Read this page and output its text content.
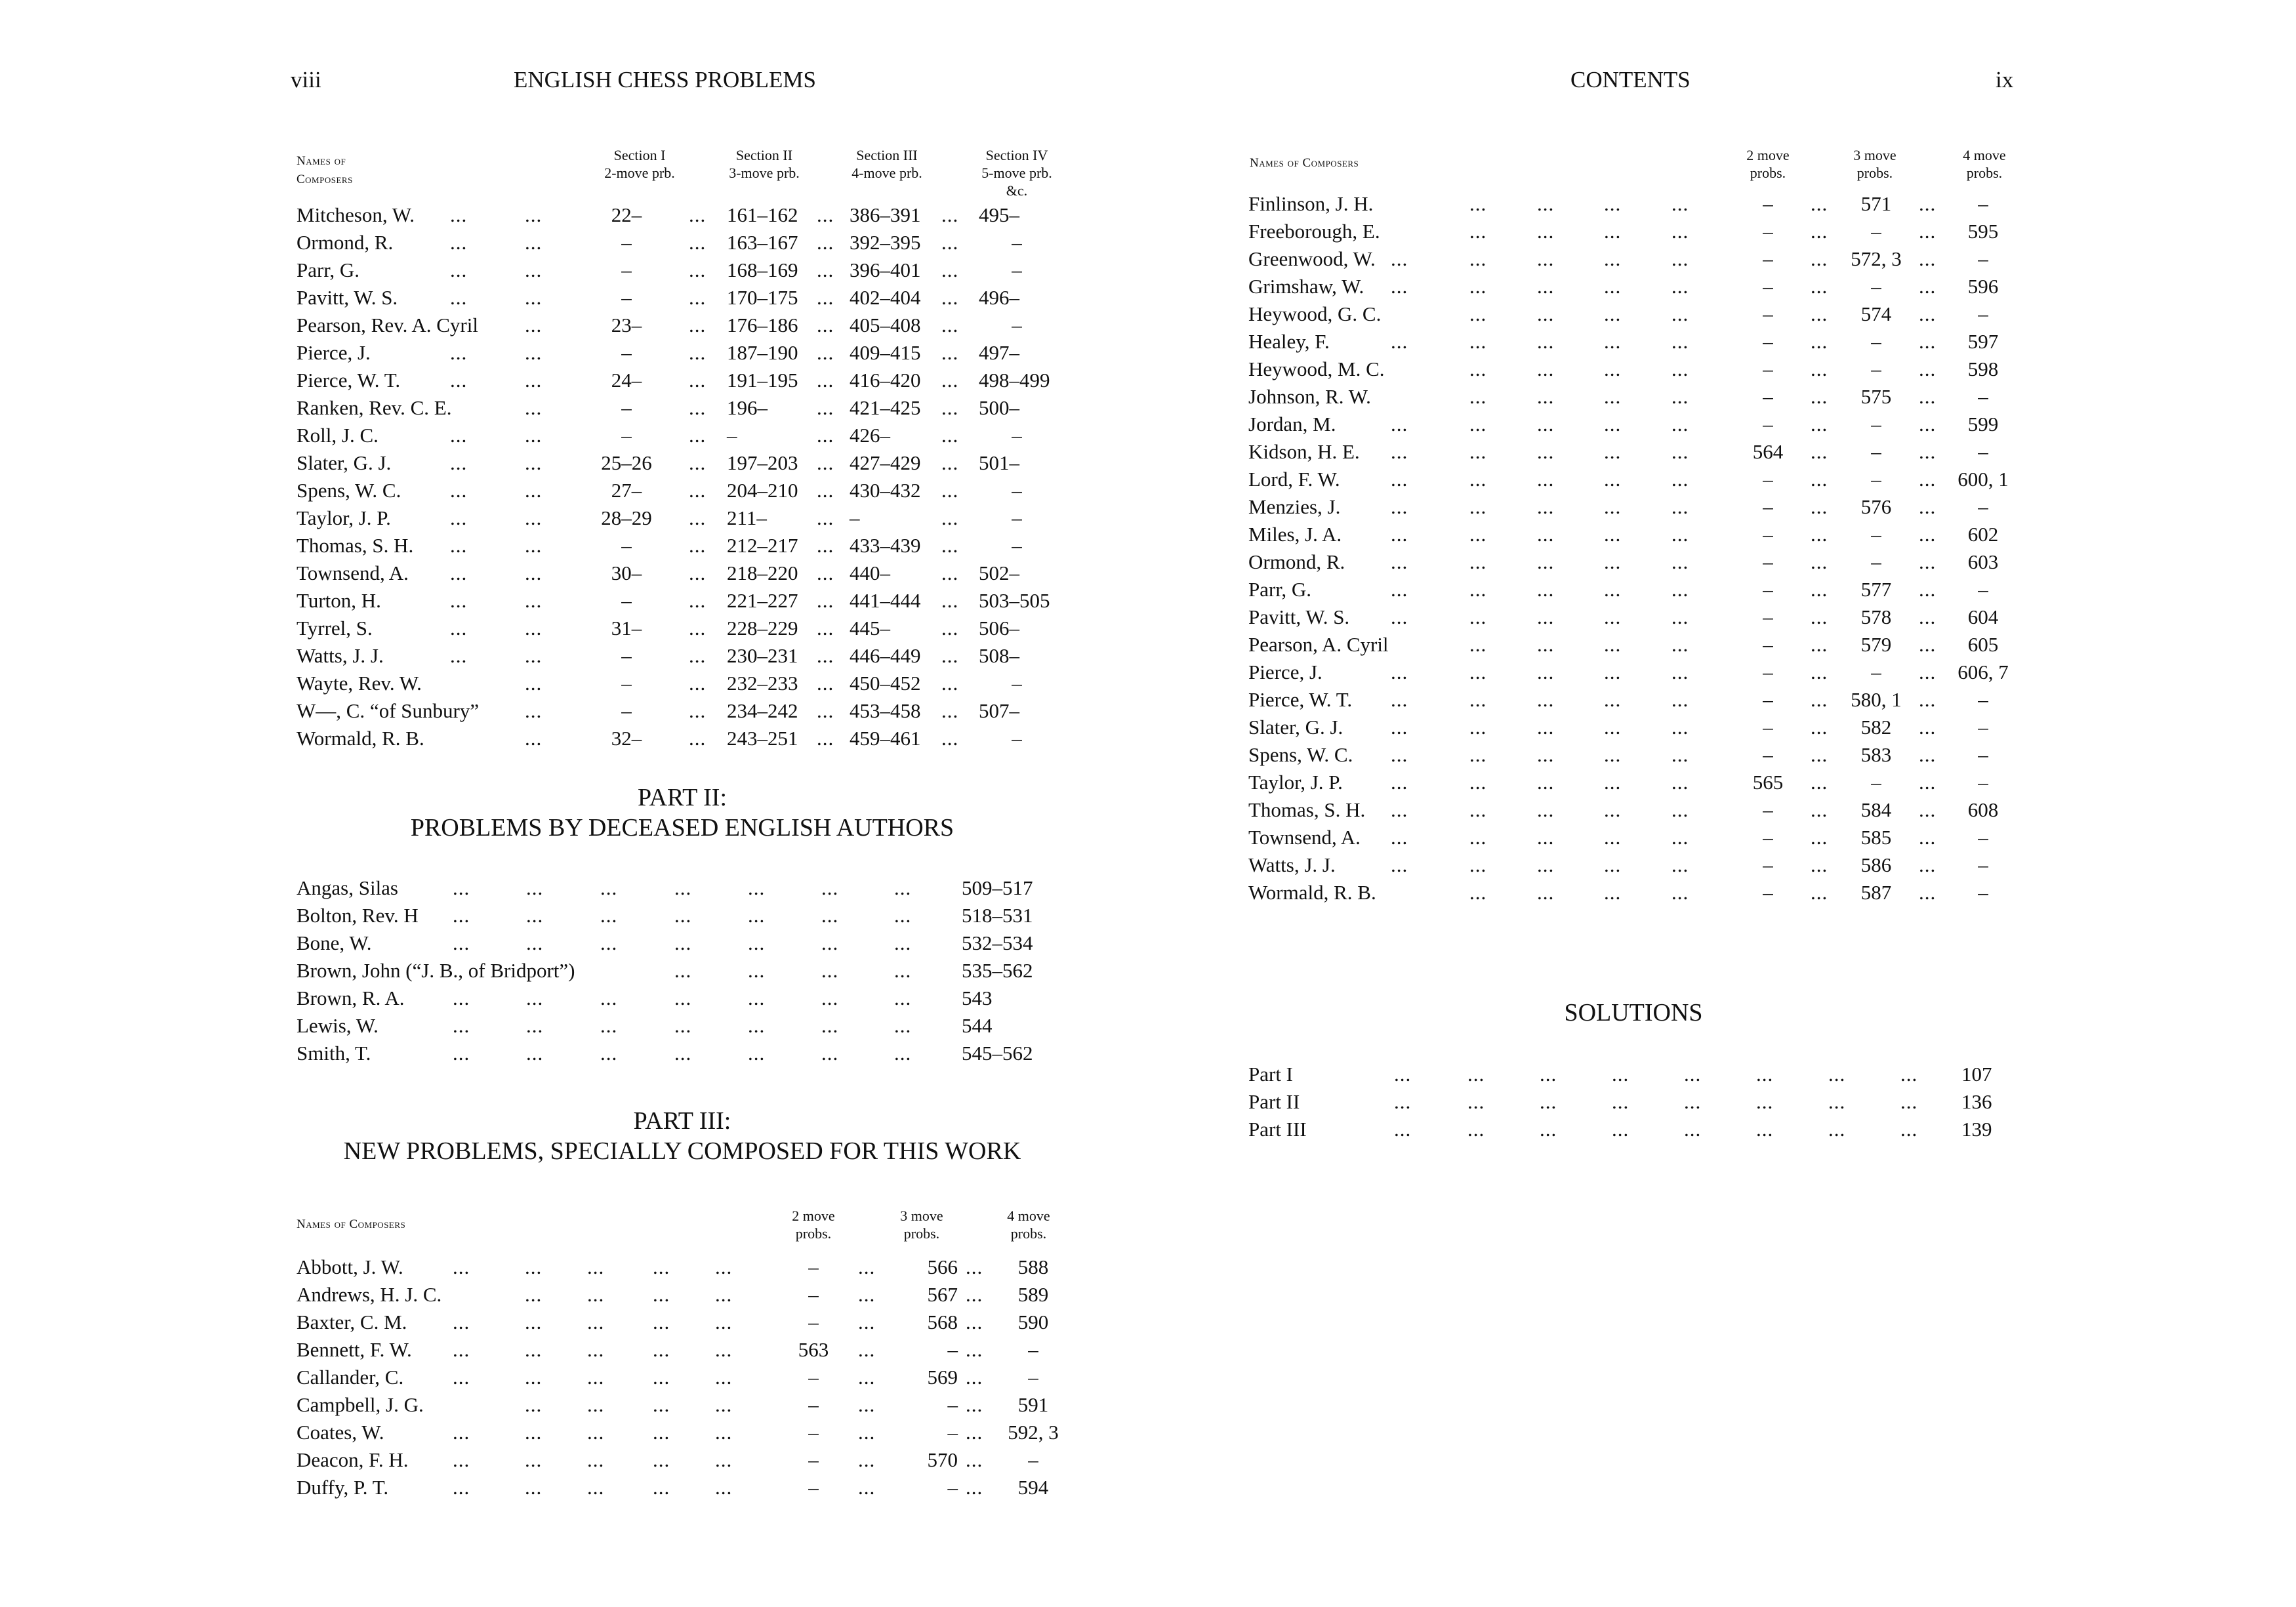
viii	ENGLISH CHESS PROBLEMS
Names of
Composers
Section I
2-move prb.
Section II
3-move prb.
Section III
4-move prb.
Section IV
5-move prb.
&c.
Mitcheson, W. ...	...	22–	... 161–162 ... 386–391 ... 495–
Ormond, R.	...	...	–	... 163–167 ... 392–395 ...	–
Parr, G.	...	...	–	... 168–169 ... 396–401 ...	–
Pavitt, W. S.	...	...	–	... 170–175 ... 402–404 ... 496–
Pearson, Rev. A. Cyril ...	23–	... 176–186 ... 405–408 ...	–
Pierce, J.	...	...	–	... 187–190 ... 409–415 ... 497–
Pierce, W. T. ...	...	24–	... 191–195 ... 416–420 ... 498–499
Ranken, Rev. C. E.	...	–	... 196– ... 421–425 ... 500–
Roll, J. C.	...	...	–	... –	... 426–	...	–
Slater, G. J.	...	...	25–26	... 197–203 ... 427–429 ... 501–
Spens, W. C. ...	...	27–	... 204–210 ... 430–432 ...	–
Taylor, J. P.	...	...	28–29	... 211– ... –	...	–
Thomas, S. H. ...	...	–	... 212–217 ... 433–439 ...	–
Townsend, A. ...	...	30–	... 218–220 ... 440–	... 502–
Turton, H.	...	...	–	... 221–227 ... 441–444 ... 503–505
Tyrrel, S.	...	...	31–	... 228–229 ... 445–	... 506–
Watts, J. J.	...	...	–	... 230–231 ... 446–449 ... 508–
Wayte, Rev. W.	...	–	... 232–233 ... 450–452 ...	–
W—, C. “of Sunbury” ...	–	... 234–242 ... 453–458 ... 507–
Wormald, R. B.	...	32–	... 243–251 ... 459–461 ...	–
PART II:
PROBLEMS BY DECEASED ENGLISH AUTHORS
Angas, Silas	...	...	...	...	...	...	... 509–517
Bolton, Rev. H ...	...	...	...	...	...	... 518–531
Bone, W.	...	...	...	...	...	...	... 532–534
Brown, John (“J. B., of Bridport”)	...	...	...	... 535–562
Brown, R. A. ...	...	...	...	...	...	... 543
Lewis, W.	...	...	...	...	...	...	... 544
Smith, T.	...	...	...	...	...	...	... 545–562
PART III:
NEW PROBLEMS, SPECIALLY COMPOSED FOR THIS WORK
Names of Composers
2 move
probs.
3 move
probs.
4 move
probs.
Abbott, J. W. ...	... ... ... ...	–	...	566 ...	588
Andrews, H. J. C.	... ... ... ...	–	...	567 ...	589
Baxter, C. M. ...	... ... ... ...	–	...	568 ...	590
Bennett, F. W. ...	... ... ... ...	563	...	– ...	–
Callander, C. ...	... ... ... ...	–	...	569 ...	–
Campbell, J. G.	... ... ... ...	–	...	– ...	591
Coates, W.	...	... ... ... ...	–	...	– ...	592, 3
Deacon, F. H. ...	... ... ... ...	–	...	570 ...	–
Duffy, P. T.	...	... ... ... ...	–	...	– ...	594
CONTENTS	ix
Names of Composers	2 move
probs.
3 move
probs.
4 move
probs.
Finlinson, J. H.	... ... ... ...	–	...	571	...	–
Freeborough, E.	... ... ... ...	–	...	–	...	595
Greenwood, W. ...	... ... ... ...	–	...	572, 3 ...	–
Grimshaw, W. ...	... ... ... ...	–	...	–	...	596
Heywood, G. C.	... ... ... ...	–	...	574	...	–
Healey, F.	...	... ... ... ...	–	...	–	...	597
Heywood, M. C.	... ... ... ...	–	...	–	...	598
Johnson, R. W.	... ... ... ...	–	...	575	...	–
Jordan, M.	...	... ... ... ...	–	...	–	...	599
Kidson, H. E. ...	... ... ... ...	564	...	–	...	–
Lord, F. W. ...	... ... ... ...	–	...	–	...	600, 1
Menzies, J. ...	... ... ... ...	–	...	576	...	–
Miles, J. A. ...	... ... ... ...	–	...	–	...	602
Ormond, R. ...	... ... ... ...	–	...	–	...	603
Parr, G.	...	... ... ... ...	–	...	577	...	–
Pavitt, W. S. ...	... ... ... ...	–	...	578	...	604
Pearson, A. Cyril	... ... ... ...	–	...	579	...	605
Pierce, J.	...	... ... ... ...	–	...	–	...	606, 7
Pierce, W. T. ...	... ... ... ...	–	...	580, 1 ...	–
Slater, G. J. ...	... ... ... ...	–	...	582	...	–
Spens, W. C. ...	... ... ... ...	–	...	583	...	–
Taylor, J. P. ...	... ... ... ...	565	...	–	...	–
Thomas, S. H. ...	... ... ... ...	–	...	584	...	608
Townsend, A. ...	... ... ... ...	–	...	585	...	–
Watts, J. J.	...	... ... ... ...	–	...	586	...	–
Wormald, R. B.	... ... ... ...	–	...	587	...	–
SOLUTIONS
Part I	...	...	...	...	...	...	...	... 107
Part II	...	...	...	...	...	...	...	... 136
Part III	...	...	...	...	...	...	...	... 139
